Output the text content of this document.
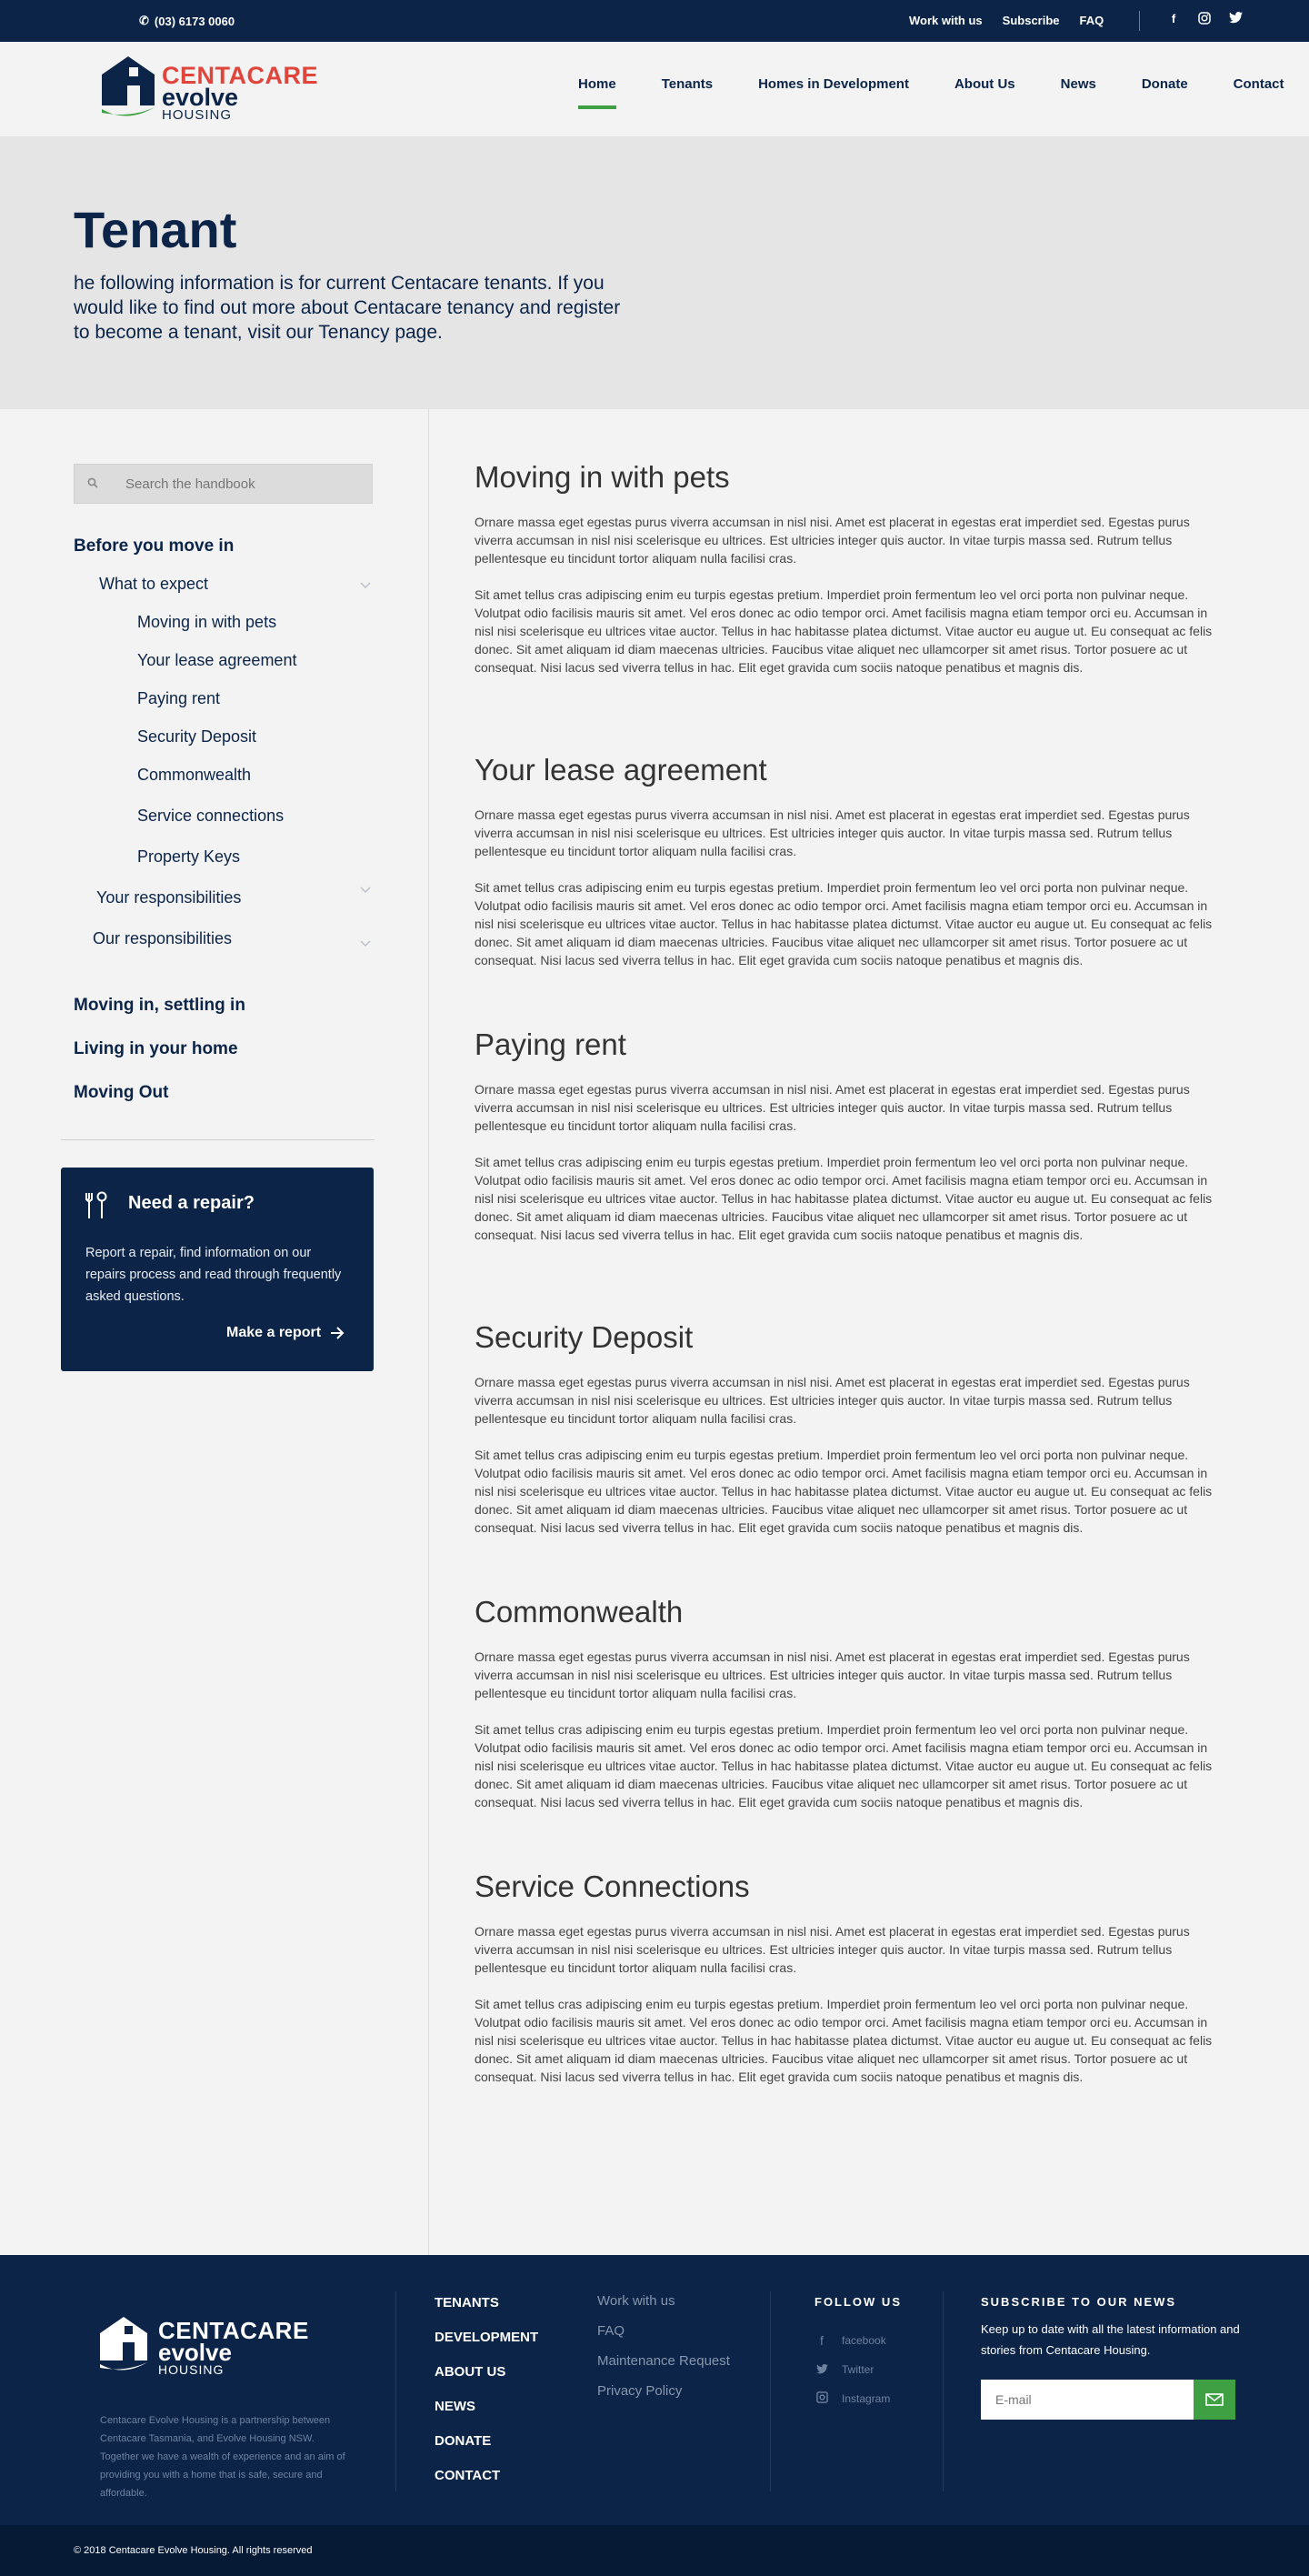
✆ (03) 6173 0060	Work with us Subscribe FAQ	f
CENTACARE
evolve
HOUSING
Home	Tenants	Homes in Development	About Us	News	Donate	Contact
Tenant

he following information is for current Centacare tenants. If you would like to find out more about Centacare tenancy and register to become a tenant, visit our Tenancy page.

Search the handbook
Before you move in
What to expect
Moving in with pets
Your lease agreement
Paying rent
Security Deposit
Commonwealth
Service connections
Property Keys
Your responsibilities
Our responsibilities
Moving in, settling in
Living in your home
Moving Out
Need a repair?

Report a repair, find information on our repairs process and read through frequently asked questions.

Make a report
Moving in with pets

Ornare massa eget egestas purus viverra accumsan in nisl nisi. Amet est placerat in egestas erat imperdiet sed. Egestas purus viverra accumsan in nisl nisi scelerisque eu ultrices. Est ultricies integer quis auctor. In vitae turpis massa sed. Rutrum tellus pellentesque eu tincidunt tortor aliquam nulla facilisi cras.

Sit amet tellus cras adipiscing enim eu turpis egestas pretium. Imperdiet proin fermentum leo vel orci porta non pulvinar neque. Volutpat odio facilisis mauris sit amet. Vel eros donec ac odio tempor orci. Amet facilisis magna etiam tempor orci eu. Accumsan in nisl nisi scelerisque eu ultrices vitae auctor. Tellus in hac habitasse platea dictumst. Vitae auctor eu augue ut. Eu consequat ac felis donec. Sit amet aliquam id diam maecenas ultricies. Faucibus vitae aliquet nec ullamcorper sit amet risus. Tortor posuere ac ut consequat. Nisi lacus sed viverra tellus in hac. Elit eget gravida cum sociis natoque penatibus et magnis dis.

Your lease agreement

Ornare massa eget egestas purus viverra accumsan in nisl nisi. Amet est placerat in egestas erat imperdiet sed. Egestas purus viverra accumsan in nisl nisi scelerisque eu ultrices. Est ultricies integer quis auctor. In vitae turpis massa sed. Rutrum tellus pellentesque eu tincidunt tortor aliquam nulla facilisi cras.

Sit amet tellus cras adipiscing enim eu turpis egestas pretium. Imperdiet proin fermentum leo vel orci porta non pulvinar neque. Volutpat odio facilisis mauris sit amet. Vel eros donec ac odio tempor orci. Amet facilisis magna etiam tempor orci eu. Accumsan in nisl nisi scelerisque eu ultrices vitae auctor. Tellus in hac habitasse platea dictumst. Vitae auctor eu augue ut. Eu consequat ac felis donec. Sit amet aliquam id diam maecenas ultricies. Faucibus vitae aliquet nec ullamcorper sit amet risus. Tortor posuere ac ut consequat. Nisi lacus sed viverra tellus in hac. Elit eget gravida cum sociis natoque penatibus et magnis dis.

Paying rent

Ornare massa eget egestas purus viverra accumsan in nisl nisi. Amet est placerat in egestas erat imperdiet sed. Egestas purus viverra accumsan in nisl nisi scelerisque eu ultrices. Est ultricies integer quis auctor. In vitae turpis massa sed. Rutrum tellus pellentesque eu tincidunt tortor aliquam nulla facilisi cras.

Sit amet tellus cras adipiscing enim eu turpis egestas pretium. Imperdiet proin fermentum leo vel orci porta non pulvinar neque. Volutpat odio facilisis mauris sit amet. Vel eros donec ac odio tempor orci. Amet facilisis magna etiam tempor orci eu. Accumsan in nisl nisi scelerisque eu ultrices vitae auctor. Tellus in hac habitasse platea dictumst. Vitae auctor eu augue ut. Eu consequat ac felis donec. Sit amet aliquam id diam maecenas ultricies. Faucibus vitae aliquet nec ullamcorper sit amet risus. Tortor posuere ac ut consequat. Nisi lacus sed viverra tellus in hac. Elit eget gravida cum sociis natoque penatibus et magnis dis.

Security Deposit

Ornare massa eget egestas purus viverra accumsan in nisl nisi. Amet est placerat in egestas erat imperdiet sed. Egestas purus viverra accumsan in nisl nisi scelerisque eu ultrices. Est ultricies integer quis auctor. In vitae turpis massa sed. Rutrum tellus pellentesque eu tincidunt tortor aliquam nulla facilisi cras.

Sit amet tellus cras adipiscing enim eu turpis egestas pretium. Imperdiet proin fermentum leo vel orci porta non pulvinar neque. Volutpat odio facilisis mauris sit amet. Vel eros donec ac odio tempor orci. Amet facilisis magna etiam tempor orci eu. Accumsan in nisl nisi scelerisque eu ultrices vitae auctor. Tellus in hac habitasse platea dictumst. Vitae auctor eu augue ut. Eu consequat ac felis donec. Sit amet aliquam id diam maecenas ultricies. Faucibus vitae aliquet nec ullamcorper sit amet risus. Tortor posuere ac ut consequat. Nisi lacus sed viverra tellus in hac. Elit eget gravida cum sociis natoque penatibus et magnis dis.

Commonwealth

Ornare massa eget egestas purus viverra accumsan in nisl nisi. Amet est placerat in egestas erat imperdiet sed. Egestas purus viverra accumsan in nisl nisi scelerisque eu ultrices. Est ultricies integer quis auctor. In vitae turpis massa sed. Rutrum tellus pellentesque eu tincidunt tortor aliquam nulla facilisi cras.

Sit amet tellus cras adipiscing enim eu turpis egestas pretium. Imperdiet proin fermentum leo vel orci porta non pulvinar neque. Volutpat odio facilisis mauris sit amet. Vel eros donec ac odio tempor orci. Amet facilisis magna etiam tempor orci eu. Accumsan in nisl nisi scelerisque eu ultrices vitae auctor. Tellus in hac habitasse platea dictumst. Vitae auctor eu augue ut. Eu consequat ac felis donec. Sit amet aliquam id diam maecenas ultricies. Faucibus vitae aliquet nec ullamcorper sit amet risus. Tortor posuere ac ut consequat. Nisi lacus sed viverra tellus in hac. Elit eget gravida cum sociis natoque penatibus et magnis dis.

Service Connections

Ornare massa eget egestas purus viverra accumsan in nisl nisi. Amet est placerat in egestas erat imperdiet sed. Egestas purus viverra accumsan in nisl nisi scelerisque eu ultrices. Est ultricies integer quis auctor. In vitae turpis massa sed. Rutrum tellus pellentesque eu tincidunt tortor aliquam nulla facilisi cras.

Sit amet tellus cras adipiscing enim eu turpis egestas pretium. Imperdiet proin fermentum leo vel orci porta non pulvinar neque. Volutpat odio facilisis mauris sit amet. Vel eros donec ac odio tempor orci. Amet facilisis magna etiam tempor orci eu. Accumsan in nisl nisi scelerisque eu ultrices vitae auctor. Tellus in hac habitasse platea dictumst. Vitae auctor eu augue ut. Eu consequat ac felis donec. Sit amet aliquam id diam maecenas ultricies. Faucibus vitae aliquet nec ullamcorper sit amet risus. Tortor posuere ac ut consequat. Nisi lacus sed viverra tellus in hac. Elit eget gravida cum sociis natoque penatibus et magnis dis.

CENTACARE
evolve
HOUSING

Centacare Evolve Housing is a partnership between Centacare Tasmania, and Evolve Housing NSW. Together we have a wealth of experience and an aim of providing you with a home that is safe, secure and affordable.

TENANTS
DEVELOPMENT
ABOUT US
NEWS
DONATE
CONTACT
Work with us
FAQ
Maintenance Request
Privacy Policy
FOLLOW US
f	facebook
Twitter
Instagram
SUBSCRIBE TO OUR NEWS

Keep up to date with all the latest information and stories from Centacare Housing.

E-mail
© 2018 Centacare Evolve Housing. All rights reserved
